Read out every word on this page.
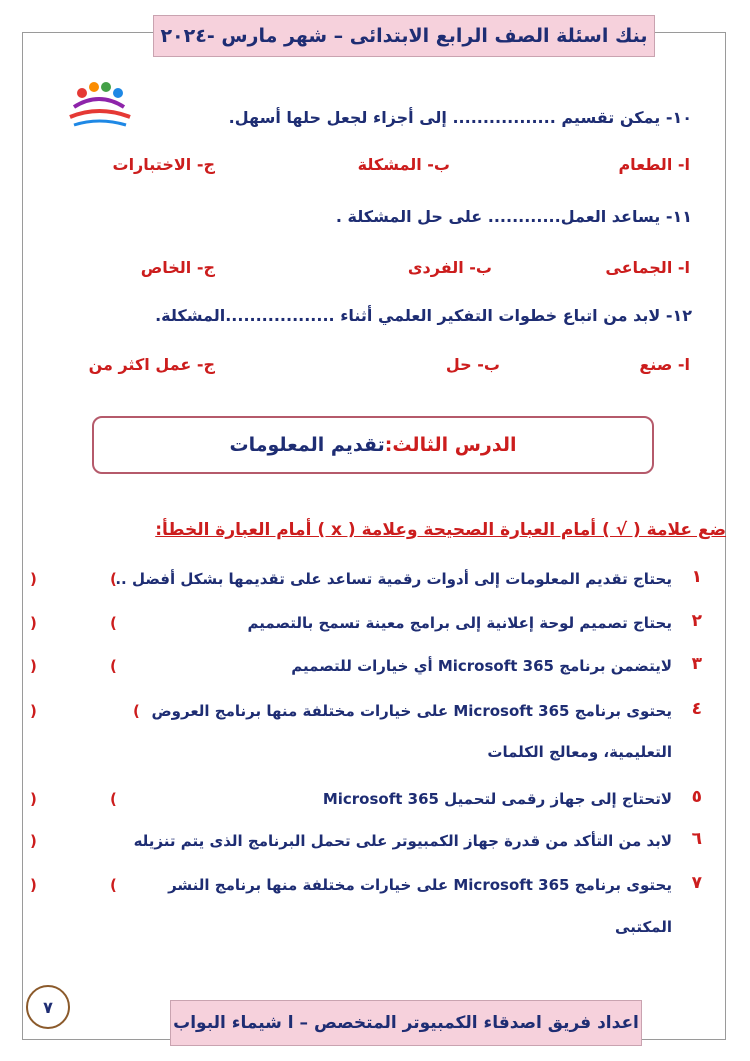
بنك اسئلة الصف الرابع الابتدائى – شهر مارس -٢٠٢٤
١٠- يمكن تقسيم ................. إلى أجزاء لجعل حلها أسهل.
ا- الطعام
ب- المشكلة
ج- الاختبارات
١١- يساعد العمل............ على حل المشكلة .
ا- الجماعى
ب- الفردى
ج- الخاص
١٢- لابد من اتباع خطوات التفكير العلمي أثناء ..................المشكلة.
ا- صنع
ب- حل
ج- عمل اكثر من
الدرس الثالث:
تقديم المعلومات
ضع علامة ( √ ) أمام العبارة الصحيحة وعلامة ( x ) أمام العبارة الخطأ:
١
يحتاج تقديم المعلومات إلى أدوات رقمية تساعد على تقديمها بشكل أفضل ..
(
)
٢
يحتاج تصميم لوحة إعلانية إلى برامج معينة تسمح بالتصميم
(
)
٣
لايتضمن برنامج Microsoft 365 أي خيارات للتصميم
(
)
٤
يحتوى برنامج Microsoft 365 على خيارات مختلفة منها برنامج العروض
(
)
التعليمية، ومعالج الكلمات
٥
لاتحتاج إلى جهاز رقمى لتحميل Microsoft 365
(
)
٦
لابد من التأكد من قدرة جهاز الكمبيوتر على تحمل البرنامج الذى يتم تنزيله
)
٧
يحتوى برنامج Microsoft 365 على خيارات مختلفة منها برنامج النشر
(
)
المكتبى
٧
اعداد فريق اصدقاء الكمبيوتر المتخصص – ا شيماء البواب
